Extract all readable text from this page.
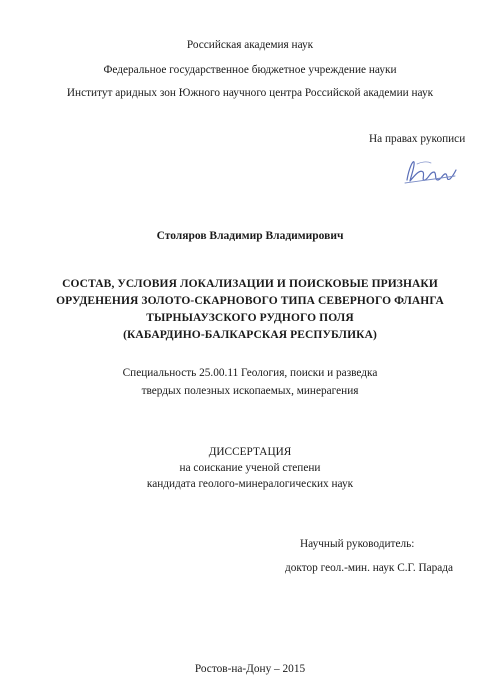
Российская академия наук
Федеральное государственное бюджетное учреждение науки
Институт аридных зон Южного научного центра Российской академии наук
На правах рукописи
Столяров Владимир Владимирович
СОСТАВ, УСЛОВИЯ ЛОКАЛИЗАЦИИ И ПОИСКОВЫЕ ПРИЗНАКИ
ОРУДЕНЕНИЯ ЗОЛОТО-СКАРНОВОГО ТИПА СЕВЕРНОГО ФЛАНГА
ТЫРНЫАУЗСКОГО РУДНОГО ПОЛЯ
(КАБАРДИНО-БАЛКАРСКАЯ РЕСПУБЛИКА)
Специальность 25.00.11 Геология, поиски и разведка
твердых полезных ископаемых, минерагения
ДИССЕРТАЦИЯ
на соискание ученой степени
кандидата геолого-минералогических наук
Научный руководитель:
доктор геол.-мин. наук С.Г. Парада
Ростов-на-Дону – 2015
